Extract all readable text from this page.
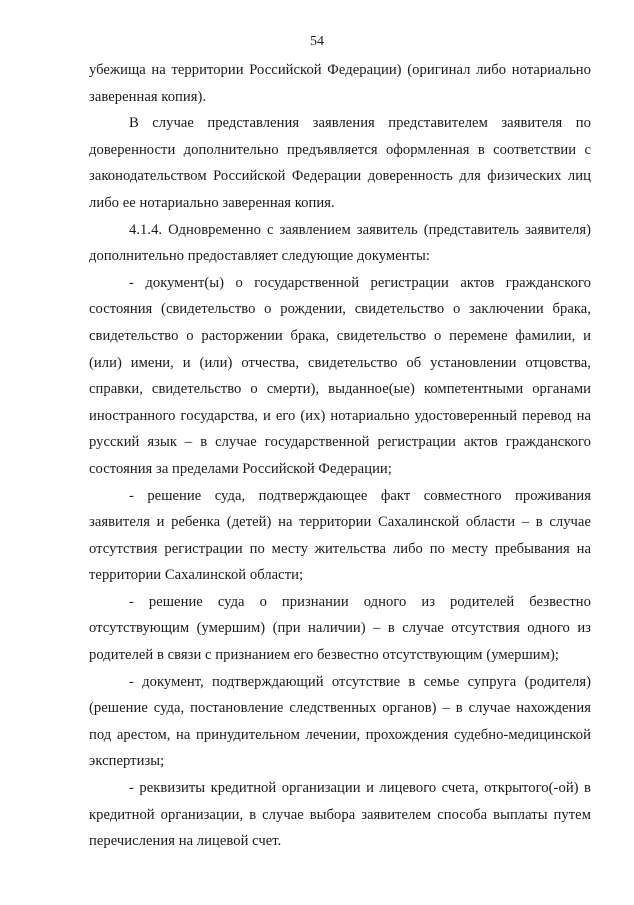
54
убежища на территории Российской Федерации) (оригинал либо нотариально
заверенная копия).
В случае представления заявления представителем заявителя по
доверенности дополнительно предъявляется оформленная в соответствии с
законодательством Российской Федерации доверенность для физических лиц
либо ее нотариально заверенная копия.
4.1.4. Одновременно с заявлением заявитель (представитель заявителя)
дополнительно предоставляет следующие документы:
- документ(ы) о государственной регистрации актов гражданского
состояния (свидетельство о рождении, свидетельство о заключении брака,
свидетельство о расторжении брака, свидетельство о перемене фамилии, и
(или) имени, и (или) отчества, свидетельство об установлении отцовства,
справки, свидетельство о смерти), выданное(ые) компетентными органами
иностранного государства, и его (их) нотариально удостоверенный перевод на
русский язык – в случае государственной регистрации актов гражданского
состояния за пределами Российской Федерации;
- решение суда, подтверждающее факт совместного проживания
заявителя и ребенка (детей) на территории Сахалинской области – в случае
отсутствия регистрации по месту жительства либо по месту пребывания на
территории Сахалинской области;
- решение суда о признании одного из родителей безвестно
отсутствующим (умершим) (при наличии) – в случае отсутствия одного из
родителей в связи с признанием его безвестно отсутствующим (умершим);
- документ, подтверждающий отсутствие в семье супруга (родителя)
(решение суда, постановление следственных органов) – в случае нахождения
под арестом, на принудительном лечении, прохождения судебно-медицинской
экспертизы;
- реквизиты кредитной организации и лицевого счета, открытого(-ой) в
кредитной организации, в случае выбора заявителем способа выплаты путем
перечисления на лицевой счет.
